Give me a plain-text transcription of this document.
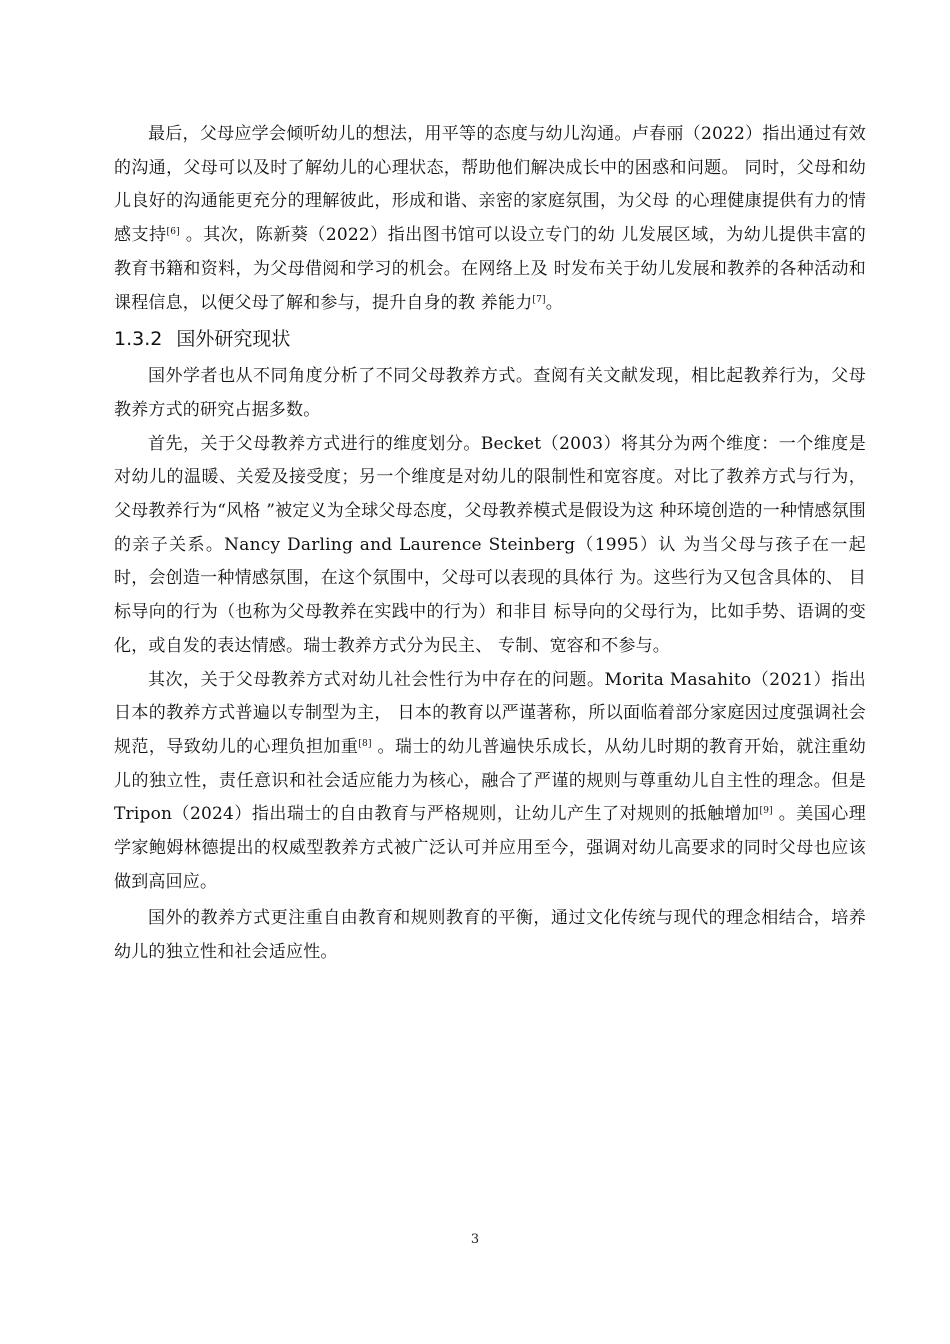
最后，父母应学会倾听幼儿的想法，用平等的态度与幼儿沟通。卢春丽（2022）指出通过有效的沟通，父母可以及时了解幼儿的心理状态，帮助他们解决成长中的困惑和问题。 同时，父母和幼儿良好的沟通能更充分的理解彼此，形成和谐、亲密的家庭氛围，为父母 的心理健康提供有力的情感支持[6] 。其次，陈新葵（2022）指出图书馆可以设立专门的幼 儿发展区域，为幼儿提供丰富的教育书籍和资料，为父母借阅和学习的机会。在网络上及 时发布关于幼儿发展和教养的各种活动和课程信息，以便父母了解和参与，提升自身的教 养能力[7]。

1.3.2 国外研究现状

国外学者也从不同角度分析了不同父母教养方式。查阅有关文献发现，相比起教养行为，父母教养方式的研究占据多数。

首先，关于父母教养方式进行的维度划分。Becket（2003）将其分为两个维度：一个维度是对幼儿的温暖、关爱及接受度；另一个维度是对幼儿的限制性和宽容度。对比了教养方式与行为，父母教养行为“风格 ”被定义为全球父母态度，父母教养模式是假设为这 种环境创造的一种情感氛围的亲子关系。Nancy Darling and Laurence Steinberg（1995）认 为当父母与孩子在一起时，会创造一种情感氛围，在这个氛围中，父母可以表现的具体行 为。这些行为又包含具体的、 目标导向的行为（也称为父母教养在实践中的行为）和非目 标导向的父母行为，比如手势、语调的变化，或自发的表达情感。瑞士教养方式分为民主、 专制、宽容和不参与。

其次，关于父母教养方式对幼儿社会性行为中存在的问题。Morita Masahito（2021）指出日本的教养方式普遍以专制型为主， 日本的教育以严谨著称，所以面临着部分家庭因过度强调社会规范，导致幼儿的心理负担加重[8] 。瑞士的幼儿普遍快乐成长，从幼儿时期的教育开始，就注重幼儿的独立性，责任意识和社会适应能力为核心，融合了严谨的规则与尊重幼儿自主性的理念。但是 Tripon（2024）指出瑞士的自由教育与严格规则，让幼儿产生了对规则的抵触增加[9] 。美国心理学家鲍姆林德提出的权威型教养方式被广泛认可并应用至今，强调对幼儿高要求的同时父母也应该做到高回应。

国外的教养方式更注重自由教育和规则教育的平衡，通过文化传统与现代的理念相结合，培养幼儿的独立性和社会适应性。

3
